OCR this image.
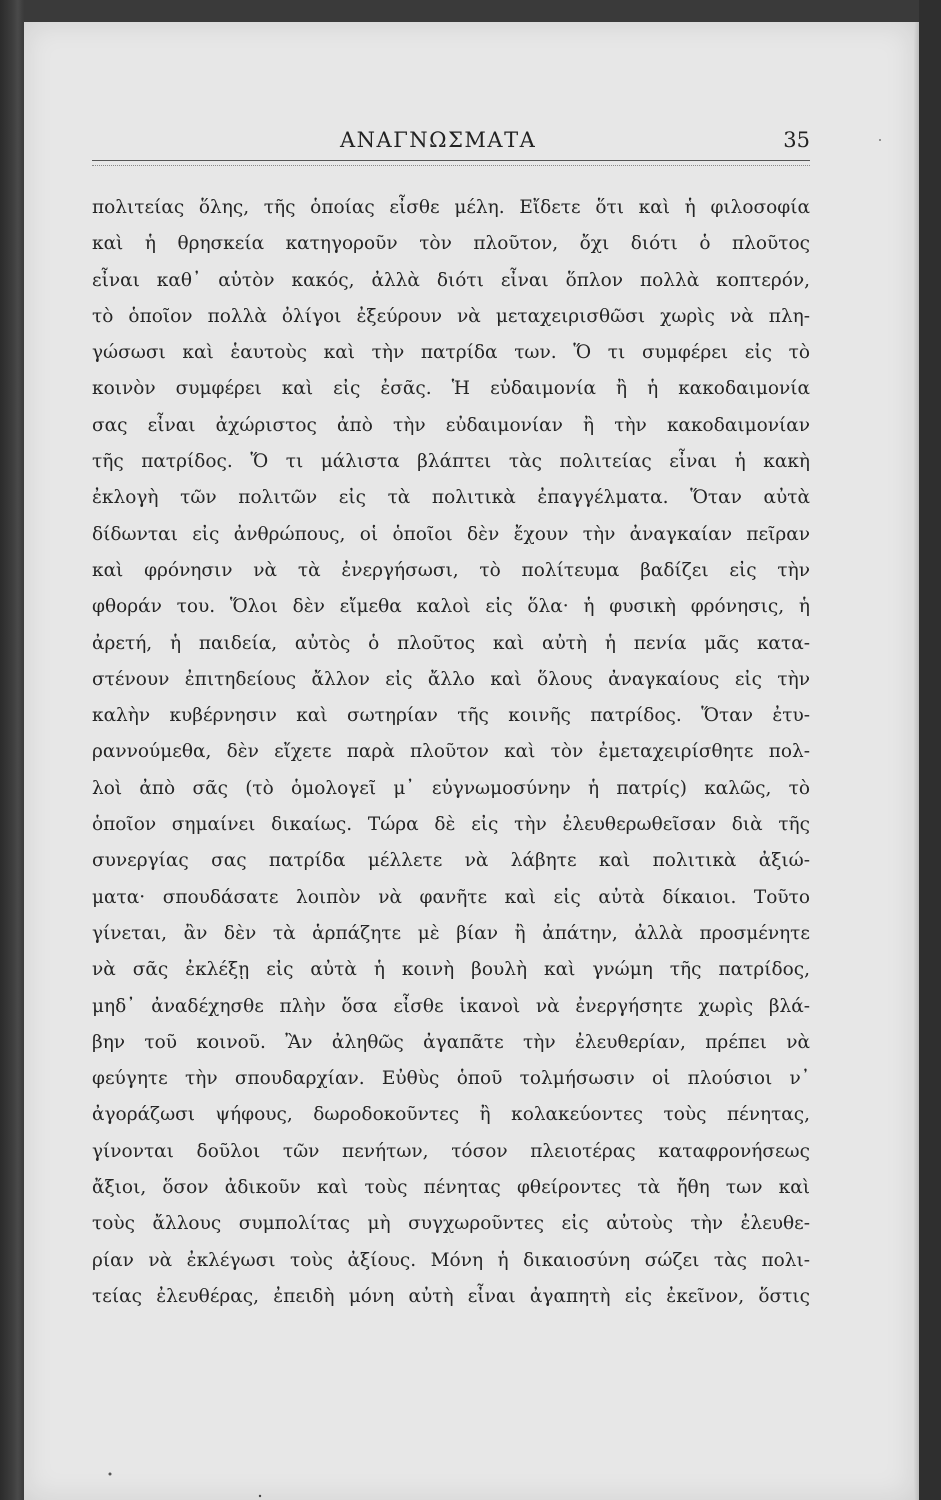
ΑΝΑΓΝΩΣΜΑΤΑ	35
πολιτείας ὅλης, τῆς ὁποίας εἶσθε μέλη. Εἴδετε ὅτι καὶ ἡ φιλοσοφία
καὶ ἡ θρησκεία κατηγοροῦν τὸν πλοῦτον, ὄχι διότι ὁ πλοῦτος
εἶναι καθ᾽ αὑτὸν κακός, ἀλλὰ διότι εἶναι ὅπλον πολλὰ κοπτερόν,
τὸ ὁποῖον πολλὰ ὀλίγοι ἐξεύρουν νὰ μεταχειρισθῶσι χωρὶς νὰ πλη-
γώσωσι καὶ ἑαυτοὺς καὶ τὴν πατρίδα των. Ὅ τι συμφέρει εἰς τὸ
κοινὸν συμφέρει καὶ εἰς ἐσᾶς. Ἡ εὐδαιμονία ἢ ἡ κακοδαιμονία
σας εἶναι ἀχώριστος ἀπὸ τὴν εὐδαιμονίαν ἢ τὴν κακοδαιμονίαν
τῆς πατρίδος. Ὅ τι μάλιστα βλάπτει τὰς πολιτείας εἶναι ἡ κακὴ
ἐκλογὴ τῶν πολιτῶν εἰς τὰ πολιτικὰ ἐπαγγέλματα. Ὅταν αὐτὰ
δίδωνται εἰς ἀνθρώπους, οἱ ὁποῖοι δὲν ἔχουν τὴν ἀναγκαίαν πεῖραν
καὶ φρόνησιν νὰ τὰ ἐνεργήσωσι, τὸ πολίτευμα βαδίζει εἰς τὴν
φθοράν του. Ὅλοι δὲν εἴμεθα καλοὶ εἰς ὅλα· ἡ φυσικὴ φρόνησις, ἡ
ἀρετή, ἡ παιδεία, αὐτὸς ὁ πλοῦτος καὶ αὐτὴ ἡ πενία μᾶς κατα-
στένουν ἐπιτηδείους ἄλλον εἰς ἄλλο καὶ ὅλους ἀναγκαίους εἰς τὴν
καλὴν κυβέρνησιν καὶ σωτηρίαν τῆς κοινῆς πατρίδος. Ὅταν ἐτυ-
ραννούμεθα, δὲν εἴχετε παρὰ πλοῦτον καὶ τὸν ἐμεταχειρίσθητε πολ-
λοὶ ἀπὸ σᾶς (τὸ ὁμολογεῖ μ᾽ εὐγνωμοσύνην ἡ πατρίς) καλῶς, τὸ
ὁποῖον σημαίνει δικαίως. Τώρα δὲ εἰς τὴν ἐλευθερωθεῖσαν διὰ τῆς
συνεργίας σας πατρίδα μέλλετε νὰ λάβητε καὶ πολιτικὰ ἀξιώ-
ματα· σπουδάσατε λοιπὸν νὰ φανῆτε καὶ εἰς αὐτὰ δίκαιοι. Τοῦτο
γίνεται, ἂν δὲν τὰ ἁρπάζητε μὲ βίαν ἢ ἀπάτην, ἀλλὰ προσμένητε
νὰ σᾶς ἐκλέξῃ εἰς αὐτὰ ἡ κοινὴ βουλὴ καὶ γνώμη τῆς πατρίδος,
μηδ᾽ ἀναδέχησθε πλὴν ὅσα εἶσθε ἱκανοὶ νὰ ἐνεργήσητε χωρὶς βλά-
βην τοῦ κοινοῦ. Ἂν ἀληθῶς ἀγαπᾶτε τὴν ἐλευθερίαν, πρέπει νὰ
φεύγητε τὴν σπουδαρχίαν. Εὐθὺς ὁποῦ τολμήσωσιν οἱ πλούσιοι ν᾽
ἀγοράζωσι ψήφους, δωροδοκοῦντες ἢ κολακεύοντες τοὺς πένητας,
γίνονται δοῦλοι τῶν πενήτων, τόσον πλειοτέρας καταφρονήσεως
ἄξιοι, ὅσον ἀδικοῦν καὶ τοὺς πένητας φθείροντες τὰ ἤθη των καὶ
τοὺς ἄλλους συμπολίτας μὴ συγχωροῦντες εἰς αὐτοὺς τὴν ἐλευθε-
ρίαν νὰ ἐκλέγωσι τοὺς ἀξίους. Μόνη ἡ δικαιοσύνη σώζει τὰς πολι-
τείας ἐλευθέρας, ἐπειδὴ μόνη αὐτὴ εἶναι ἀγαπητὴ εἰς ἐκεῖνον, ὅστις
